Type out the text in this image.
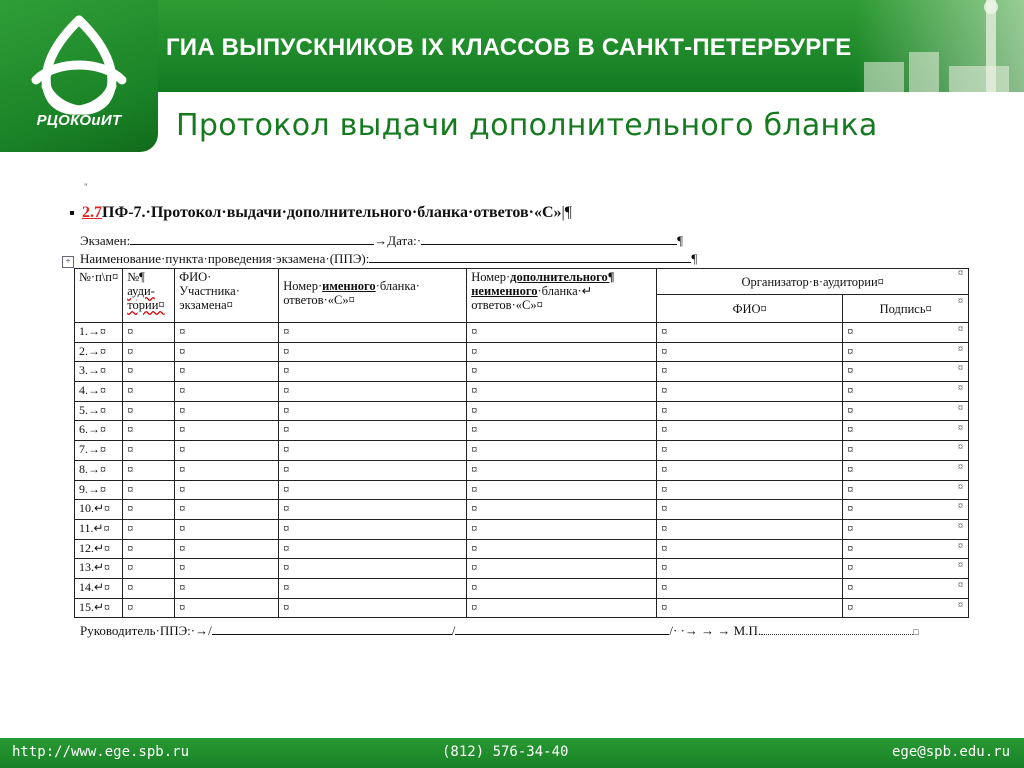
РЦОКОиИТ
ГИА ВЫПУСКНИКОВ IX КЛАССОВ В САНКТ-ПЕТЕРБУРГЕ
Протокол выдачи дополнительного бланка
"
2.7ПФ-7.·Протокол·выдачи·дополнительного·бланка·ответов·«С»|¶
Экзамен:	→Дата:·	¶
+ Наименование·пункта·проведения·экзамена·(ППЭ):	¶
№·п\п¤	№¶
ауди-
тории¤	ФИО·
Участника·
экзамена¤	Номер·именного·бланка·
ответов·«С»¤	Номер·дополнительного¶
неименного·бланка·↵
ответов·«С»¤	Организатор·в·аудитории¤	
					ФИО¤	Подпись¤
1.→¤	¤	¤	¤	¤	¤	¤
2.→¤	¤	¤	¤	¤	¤	¤
3.→¤	¤	¤	¤	¤	¤	¤
4.→¤	¤	¤	¤	¤	¤	¤
5.→¤	¤	¤	¤	¤	¤	¤
6.→¤	¤	¤	¤	¤	¤	¤
7.→¤	¤	¤	¤	¤	¤	¤
8.→¤	¤	¤	¤	¤	¤	¤
9.→¤	¤	¤	¤	¤	¤	¤
10.↵¤	¤	¤	¤	¤	¤	¤
11.↵¤	¤	¤	¤	¤	¤	¤
12.↵¤	¤	¤	¤	¤	¤	¤
13.↵¤	¤	¤	¤	¤	¤	¤
14.↵¤	¤	¤	¤	¤	¤	¤
15.↵¤	¤	¤	¤	¤	¤	¤
¤
¤
¤
¤
¤
¤
¤
¤
¤
¤
¤
¤
¤
¤
¤
¤
¤
Руководитель·ППЭ:·→/	/	/· ·→ → → М.П.	□
http://www.ege.spb.ru	(812) 576-34-40	ege@spb.edu.ru
